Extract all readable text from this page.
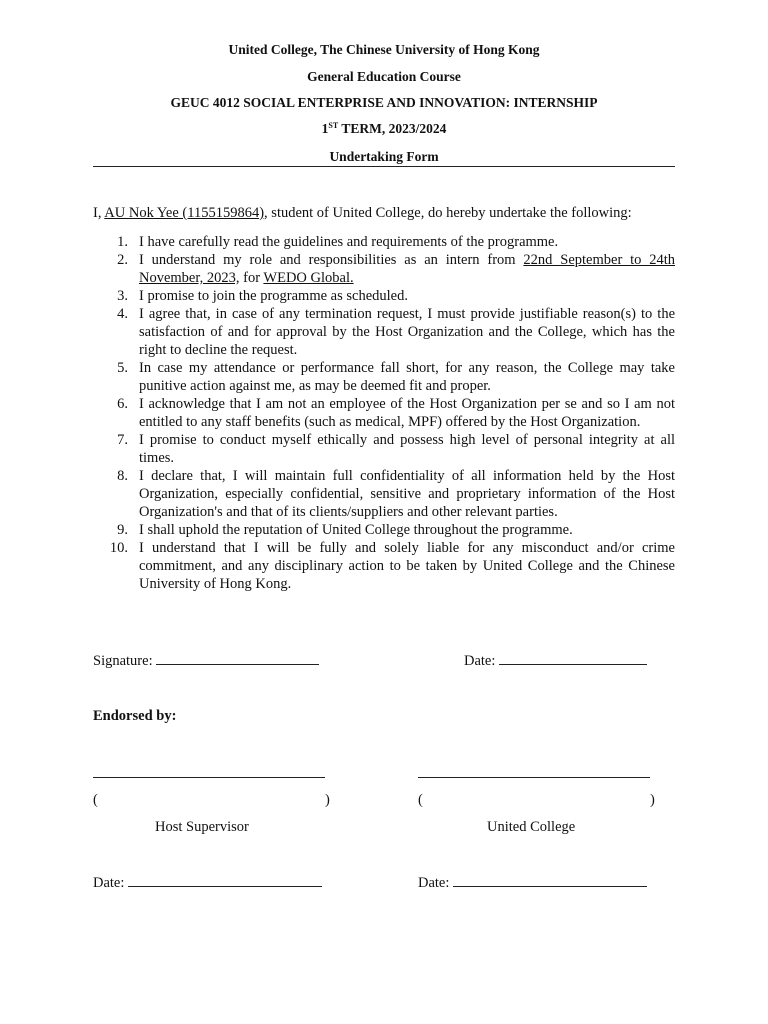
United College, The Chinese University of Hong Kong
General Education Course
GEUC 4012 SOCIAL ENTERPRISE AND INNOVATION: INTERNSHIP
1ST TERM, 2023/2024
Undertaking Form
I, AU Nok Yee (1155159864), student of United College, do hereby undertake the following:
1. I have carefully read the guidelines and requirements of the programme.
2. I understand my role and responsibilities as an intern from 22nd September to 24th November, 2023, for WEDO Global.
3. I promise to join the programme as scheduled.
4. I agree that, in case of any termination request, I must provide justifiable reason(s) to the satisfaction of and for approval by the Host Organization and the College, which has the right to decline the request.
5. In case my attendance or performance fall short, for any reason, the College may take punitive action against me, as may be deemed fit and proper.
6. I acknowledge that I am not an employee of the Host Organization per se and so I am not entitled to any staff benefits (such as medical, MPF) offered by the Host Organization.
7. I promise to conduct myself ethically and possess high level of personal integrity at all times.
8. I declare that, I will maintain full confidentiality of all information held by the Host Organization, especially confidential, sensitive and proprietary information of the Host Organization's and that of its clients/suppliers and other relevant parties.
9. I shall uphold the reputation of United College throughout the programme.
10. I understand that I will be fully and solely liable for any misconduct and/or crime commitment, and any disciplinary action to be taken by United College and the Chinese University of Hong Kong.
Signature:	Date:
Endorsed by:
(	)	(	)
Host Supervisor	United College
Date:	Date:
